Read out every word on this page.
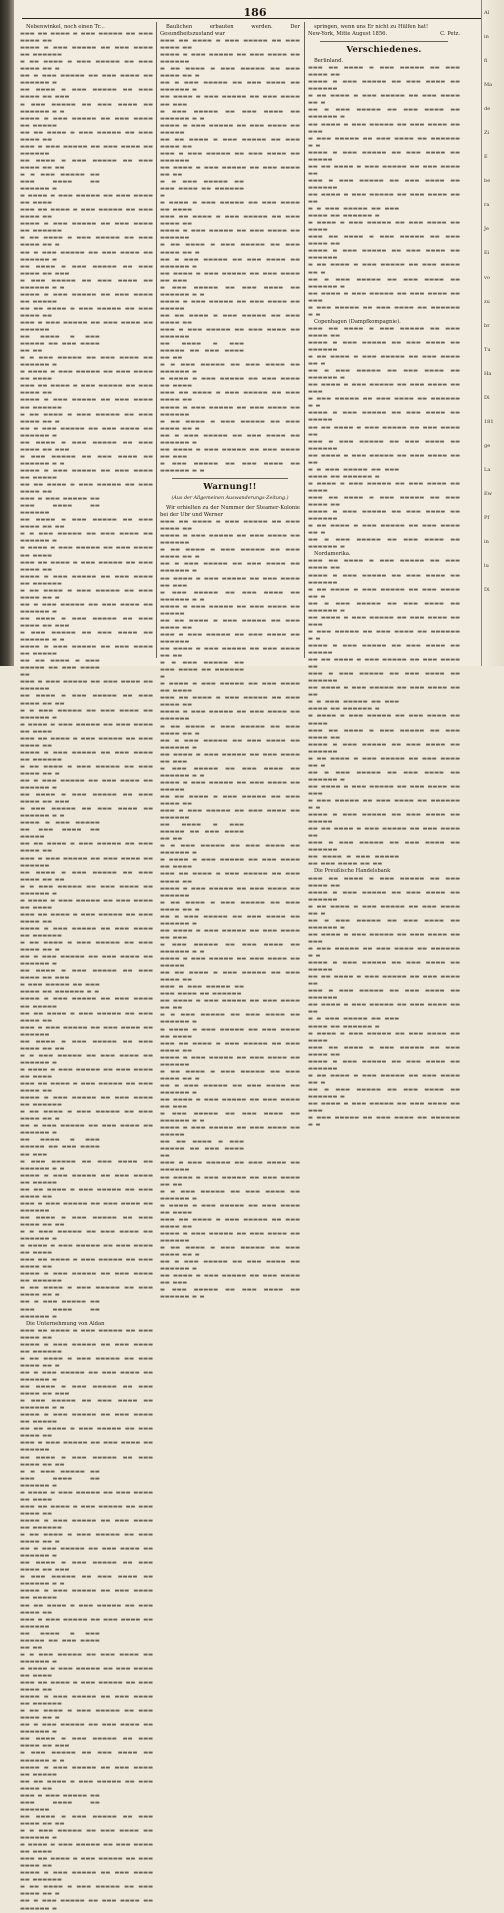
186

Nebenwinkel, noch einen Tr...

▬▬▬ ▬▬ ▬▬▬▬ ▬ ▬▬▬ ▬▬▬▬▬ ▬▬ ▬▬▬ ▬▬▬▬ ▬▬
▬▬▬▬ ▬ ▬▬▬ ▬▬▬▬▬ ▬▬ ▬▬▬ ▬▬▬▬ ▬▬ ▬▬▬▬▬▬
▬ ▬▬ ▬▬▬▬ ▬ ▬▬▬ ▬▬▬▬▬ ▬▬ ▬▬▬ ▬▬▬▬ ▬▬ ▬
▬▬ ▬ ▬▬▬ ▬▬▬▬▬ ▬▬ ▬▬▬ ▬▬▬▬ ▬▬ ▬▬▬▬▬▬ ▬
▬▬ ▬▬▬▬ ▬ ▬▬▬ ▬▬▬▬▬ ▬▬ ▬▬▬ ▬▬▬▬ ▬▬ ▬▬▬
▬ ▬▬▬ ▬▬▬▬▬ ▬▬ ▬▬▬ ▬▬▬▬ ▬▬ ▬▬▬▬▬▬ ▬ ▬
▬▬▬▬ ▬ ▬▬▬ ▬▬▬▬▬ ▬▬ ▬▬▬ ▬▬▬▬ ▬▬ ▬▬▬▬▬
▬▬ ▬▬ ▬▬▬▬ ▬ ▬▬▬ ▬▬▬▬▬ ▬▬ ▬▬▬ ▬▬▬▬ ▬▬
▬▬▬ ▬ ▬▬▬ ▬▬▬▬▬ ▬▬ ▬▬▬ ▬▬▬▬ ▬▬ ▬▬▬▬▬▬
▬▬ ▬▬▬▬ ▬ ▬▬▬ ▬▬▬▬▬ ▬▬ ▬▬▬ ▬▬▬▬ ▬▬ ▬▬
▬ ▬ ▬▬▬ ▬▬▬▬▬ ▬▬ ▬▬▬ ▬▬▬▬ ▬▬ ▬▬▬▬▬▬ ▬
▬ ▬▬▬▬ ▬ ▬▬▬ ▬▬▬▬▬ ▬▬ ▬▬▬ ▬▬▬▬ ▬▬ ▬▬▬▬
▬▬▬ ▬▬ ▬▬▬▬ ▬ ▬▬▬ ▬▬▬▬▬ ▬▬ ▬▬▬ ▬▬▬▬ ▬▬
▬▬▬▬ ▬ ▬▬▬ ▬▬▬▬▬ ▬▬ ▬▬▬ ▬▬▬▬ ▬▬ ▬▬▬▬▬▬
▬ ▬▬ ▬▬▬▬ ▬ ▬▬▬ ▬▬▬▬▬ ▬▬ ▬▬▬ ▬▬▬▬ ▬▬ ▬
▬▬ ▬ ▬▬▬ ▬▬▬▬▬ ▬▬ ▬▬▬ ▬▬▬▬ ▬▬ ▬▬▬▬▬▬ ▬
▬▬ ▬▬▬▬ ▬ ▬▬▬ ▬▬▬▬▬ ▬▬ ▬▬▬ ▬▬▬▬ ▬▬ ▬▬▬
▬ ▬▬▬ ▬▬▬▬▬ ▬▬ ▬▬▬ ▬▬▬▬ ▬▬ ▬▬▬▬▬▬ ▬ ▬
▬▬▬▬ ▬ ▬▬▬ ▬▬▬▬▬ ▬▬ ▬▬▬ ▬▬▬▬ ▬▬ ▬▬▬▬▬
▬▬ ▬▬ ▬▬▬▬ ▬ ▬▬▬ ▬▬▬▬▬ ▬▬ ▬▬▬ ▬▬▬▬ ▬▬
▬▬▬ ▬ ▬▬▬ ▬▬▬▬▬ ▬▬ ▬▬▬ ▬▬▬▬ ▬▬ ▬▬▬▬▬▬
▬▬ ▬▬▬▬ ▬ ▬▬▬ ▬▬▬▬▬ ▬▬ ▬▬▬ ▬▬▬▬ ▬▬ ▬▬
▬ ▬ ▬▬▬ ▬▬▬▬▬ ▬▬ ▬▬▬ ▬▬▬▬ ▬▬ ▬▬▬▬▬▬ ▬
▬ ▬▬▬▬ ▬ ▬▬▬ ▬▬▬▬▬ ▬▬ ▬▬▬ ▬▬▬▬ ▬▬ ▬▬▬▬
▬▬▬ ▬▬ ▬▬▬▬ ▬ ▬▬▬ ▬▬▬▬▬ ▬▬ ▬▬▬ ▬▬▬▬ ▬▬
▬▬▬▬ ▬ ▬▬▬ ▬▬▬▬▬ ▬▬ ▬▬▬ ▬▬▬▬ ▬▬ ▬▬▬▬▬▬
▬ ▬▬ ▬▬▬▬ ▬ ▬▬▬ ▬▬▬▬▬ ▬▬ ▬▬▬ ▬▬▬▬ ▬▬ ▬
▬▬ ▬ ▬▬▬ ▬▬▬▬▬ ▬▬ ▬▬▬ ▬▬▬▬ ▬▬ ▬▬▬▬▬▬ ▬
▬▬ ▬▬▬▬ ▬ ▬▬▬ ▬▬▬▬▬ ▬▬ ▬▬▬ ▬▬▬▬ ▬▬ ▬▬▬
▬ ▬▬▬ ▬▬▬▬▬ ▬▬ ▬▬▬ ▬▬▬▬ ▬▬ ▬▬▬▬▬▬ ▬ ▬
▬▬▬▬ ▬ ▬▬▬ ▬▬▬▬▬ ▬▬ ▬▬▬ ▬▬▬▬ ▬▬ ▬▬▬▬▬
▬▬ ▬▬ ▬▬▬▬ ▬ ▬▬▬ ▬▬▬▬▬ ▬▬ ▬▬▬ ▬▬▬▬ ▬▬
▬▬▬ ▬ ▬▬▬ ▬▬▬▬▬ ▬▬ ▬▬▬ ▬▬▬▬ ▬▬ ▬▬▬▬▬▬
▬▬ ▬▬▬▬ ▬ ▬▬▬ ▬▬▬▬▬ ▬▬ ▬▬▬ ▬▬▬▬ ▬▬ ▬▬
▬ ▬ ▬▬▬ ▬▬▬▬▬ ▬▬ ▬▬▬ ▬▬▬▬ ▬▬ ▬▬▬▬▬▬ ▬
▬ ▬▬▬▬ ▬ ▬▬▬ ▬▬▬▬▬ ▬▬ ▬▬▬ ▬▬▬▬ ▬▬ ▬▬▬▬
▬▬▬ ▬▬ ▬▬▬▬ ▬ ▬▬▬ ▬▬▬▬▬ ▬▬ ▬▬▬ ▬▬▬▬ ▬▬
▬▬▬▬ ▬ ▬▬▬ ▬▬▬▬▬ ▬▬ ▬▬▬ ▬▬▬▬ ▬▬ ▬▬▬▬▬▬
▬ ▬▬ ▬▬▬▬ ▬ ▬▬▬ ▬▬▬▬▬ ▬▬ ▬▬▬ ▬▬▬▬ ▬▬ ▬
▬▬ ▬ ▬▬▬ ▬▬▬▬▬ ▬▬ ▬▬▬ ▬▬▬▬ ▬▬ ▬▬▬▬▬▬ ▬
▬▬ ▬▬▬▬ ▬ ▬▬▬ ▬▬▬▬▬ ▬▬ ▬▬▬ ▬▬▬▬ ▬▬ ▬▬▬
▬ ▬▬▬ ▬▬▬▬▬ ▬▬ ▬▬▬ ▬▬▬▬ ▬▬ ▬▬▬▬▬▬ ▬ ▬
▬▬▬▬ ▬ ▬▬▬ ▬▬▬▬▬ ▬▬ ▬▬▬ ▬▬▬▬ ▬▬ ▬▬▬▬▬
▬▬ ▬▬ ▬▬▬▬ ▬ ▬▬▬ ▬▬▬▬▬ ▬▬ ▬▬▬ ▬▬▬▬ ▬▬
▬▬▬ ▬ ▬▬▬ ▬▬▬▬▬ ▬▬ ▬▬▬ ▬▬▬▬ ▬▬ ▬▬▬▬▬▬
▬▬ ▬▬▬▬ ▬ ▬▬▬ ▬▬▬▬▬ ▬▬ ▬▬▬ ▬▬▬▬ ▬▬ ▬▬
▬ ▬ ▬▬▬ ▬▬▬▬▬ ▬▬ ▬▬▬ ▬▬▬▬ ▬▬ ▬▬▬▬▬▬ ▬
▬ ▬▬▬▬ ▬ ▬▬▬ ▬▬▬▬▬ ▬▬ ▬▬▬ ▬▬▬▬ ▬▬ ▬▬▬▬
▬▬▬ ▬▬ ▬▬▬▬ ▬ ▬▬▬ ▬▬▬▬▬ ▬▬ ▬▬▬ ▬▬▬▬ ▬▬
▬▬▬▬ ▬ ▬▬▬ ▬▬▬▬▬ ▬▬ ▬▬▬ ▬▬▬▬ ▬▬ ▬▬▬▬▬▬
▬ ▬▬ ▬▬▬▬ ▬ ▬▬▬ ▬▬▬▬▬ ▬▬ ▬▬▬ ▬▬▬▬ ▬▬ ▬
▬▬ ▬ ▬▬▬ ▬▬▬▬▬ ▬▬ ▬▬▬ ▬▬▬▬ ▬▬ ▬▬▬▬▬▬ ▬
▬▬ ▬▬▬▬ ▬ ▬▬▬ ▬▬▬▬▬ ▬▬ ▬▬▬ ▬▬▬▬ ▬▬ ▬▬▬
▬ ▬▬▬ ▬▬▬▬▬ ▬▬ ▬▬▬ ▬▬▬▬ ▬▬ ▬▬▬▬▬▬ ▬ ▬
▬▬▬▬ ▬ ▬▬▬ ▬▬▬▬▬ ▬▬ ▬▬▬ ▬▬▬▬ ▬▬ ▬▬▬▬▬
▬▬ ▬▬ ▬▬▬▬ ▬ ▬▬▬ ▬▬▬▬▬ ▬▬ ▬▬▬ ▬▬▬▬ ▬▬
▬▬▬ ▬ ▬▬▬ ▬▬▬▬▬ ▬▬ ▬▬▬ ▬▬▬▬ ▬▬ ▬▬▬▬▬▬
▬▬ ▬▬▬▬ ▬ ▬▬▬ ▬▬▬▬▬ ▬▬ ▬▬▬ ▬▬▬▬ ▬▬ ▬▬
▬ ▬ ▬▬▬ ▬▬▬▬▬ ▬▬ ▬▬▬ ▬▬▬▬ ▬▬ ▬▬▬▬▬▬ ▬
▬ ▬▬▬▬ ▬ ▬▬▬ ▬▬▬▬▬ ▬▬ ▬▬▬ ▬▬▬▬ ▬▬ ▬▬▬▬
▬▬▬ ▬▬ ▬▬▬▬ ▬ ▬▬▬ ▬▬▬▬▬ ▬▬ ▬▬▬ ▬▬▬▬ ▬▬
▬▬▬▬ ▬ ▬▬▬ ▬▬▬▬▬ ▬▬ ▬▬▬ ▬▬▬▬ ▬▬ ▬▬▬▬▬▬
▬ ▬▬ ▬▬▬▬ ▬ ▬▬▬ ▬▬▬▬▬ ▬▬ ▬▬▬ ▬▬▬▬ ▬▬ ▬
▬▬ ▬ ▬▬▬ ▬▬▬▬▬ ▬▬ ▬▬▬ ▬▬▬▬ ▬▬ ▬▬▬▬▬▬ ▬
▬▬ ▬▬▬▬ ▬ ▬▬▬ ▬▬▬▬▬ ▬▬ ▬▬▬ ▬▬▬▬ ▬▬ ▬▬▬
▬ ▬▬▬ ▬▬▬▬▬ ▬▬ ▬▬▬ ▬▬▬▬ ▬▬ ▬▬▬▬▬▬ ▬ ▬
▬▬▬▬ ▬ ▬▬▬ ▬▬▬▬▬ ▬▬ ▬▬▬ ▬▬▬▬ ▬▬ ▬▬▬▬▬
▬▬ ▬▬ ▬▬▬▬ ▬ ▬▬▬ ▬▬▬▬▬ ▬▬ ▬▬▬ ▬▬▬▬ ▬▬
▬▬▬ ▬ ▬▬▬ ▬▬▬▬▬ ▬▬ ▬▬▬ ▬▬▬▬ ▬▬ ▬▬▬▬▬▬
▬▬ ▬▬▬▬ ▬ ▬▬▬ ▬▬▬▬▬ ▬▬ ▬▬▬ ▬▬▬▬ ▬▬ ▬▬
▬ ▬ ▬▬▬ ▬▬▬▬▬ ▬▬ ▬▬▬ ▬▬▬▬ ▬▬ ▬▬▬▬▬▬ ▬
▬ ▬▬▬▬ ▬ ▬▬▬ ▬▬▬▬▬ ▬▬ ▬▬▬ ▬▬▬▬ ▬▬ ▬▬▬▬
▬▬▬ ▬▬ ▬▬▬▬ ▬ ▬▬▬ ▬▬▬▬▬ ▬▬ ▬▬▬ ▬▬▬▬ ▬▬
▬▬▬▬ ▬ ▬▬▬ ▬▬▬▬▬ ▬▬ ▬▬▬ ▬▬▬▬ ▬▬ ▬▬▬▬▬▬
▬ ▬▬ ▬▬▬▬ ▬ ▬▬▬ ▬▬▬▬▬ ▬▬ ▬▬▬ ▬▬▬▬ ▬▬ ▬
▬▬ ▬ ▬▬▬ ▬▬▬▬▬ ▬▬ ▬▬▬ ▬▬▬▬ ▬▬ ▬▬▬▬▬▬ ▬
▬▬ ▬▬▬▬ ▬ ▬▬▬ ▬▬▬▬▬ ▬▬ ▬▬▬ ▬▬▬▬ ▬▬ ▬▬▬
▬ ▬▬▬ ▬▬▬▬▬ ▬▬ ▬▬▬ ▬▬▬▬ ▬▬ ▬▬▬▬▬▬ ▬ ▬
▬▬▬▬ ▬ ▬▬▬ ▬▬▬▬▬ ▬▬ ▬▬▬ ▬▬▬▬ ▬▬ ▬▬▬▬▬
▬▬ ▬▬ ▬▬▬▬ ▬ ▬▬▬ ▬▬▬▬▬ ▬▬ ▬▬▬ ▬▬▬▬ ▬▬
▬▬▬ ▬ ▬▬▬ ▬▬▬▬▬ ▬▬ ▬▬▬ ▬▬▬▬ ▬▬ ▬▬▬▬▬▬
▬▬ ▬▬▬▬ ▬ ▬▬▬ ▬▬▬▬▬ ▬▬ ▬▬▬ ▬▬▬▬ ▬▬ ▬▬
▬ ▬ ▬▬▬ ▬▬▬▬▬ ▬▬ ▬▬▬ ▬▬▬▬ ▬▬ ▬▬▬▬▬▬ ▬
▬ ▬▬▬▬ ▬ ▬▬▬ ▬▬▬▬▬ ▬▬ ▬▬▬ ▬▬▬▬ ▬▬ ▬▬▬▬
▬▬▬ ▬▬ ▬▬▬▬ ▬ ▬▬▬ ▬▬▬▬▬ ▬▬ ▬▬▬ ▬▬▬▬ ▬▬
▬▬▬▬ ▬ ▬▬▬ ▬▬▬▬▬ ▬▬ ▬▬▬ ▬▬▬▬ ▬▬ ▬▬▬▬▬▬
▬ ▬▬ ▬▬▬▬ ▬ ▬▬▬ ▬▬▬▬▬ ▬▬ ▬▬▬ ▬▬▬▬ ▬▬ ▬
▬▬ ▬ ▬▬▬ ▬▬▬▬▬ ▬▬ ▬▬▬ ▬▬▬▬ ▬▬ ▬▬▬▬▬▬ ▬

Die Unternehmung von Aldan

▬▬▬ ▬▬ ▬▬▬▬ ▬ ▬▬▬ ▬▬▬▬▬ ▬▬ ▬▬▬ ▬▬▬▬ ▬▬
▬▬▬▬ ▬ ▬▬▬ ▬▬▬▬▬ ▬▬ ▬▬▬ ▬▬▬▬ ▬▬ ▬▬▬▬▬▬
▬ ▬▬ ▬▬▬▬ ▬ ▬▬▬ ▬▬▬▬▬ ▬▬ ▬▬▬ ▬▬▬▬ ▬▬ ▬
▬▬ ▬ ▬▬▬ ▬▬▬▬▬ ▬▬ ▬▬▬ ▬▬▬▬ ▬▬ ▬▬▬▬▬▬ ▬
▬▬ ▬▬▬▬ ▬ ▬▬▬ ▬▬▬▬▬ ▬▬ ▬▬▬ ▬▬▬▬ ▬▬ ▬▬▬
▬ ▬▬▬ ▬▬▬▬▬ ▬▬ ▬▬▬ ▬▬▬▬ ▬▬ ▬▬▬▬▬▬ ▬ ▬
▬▬▬▬ ▬ ▬▬▬ ▬▬▬▬▬ ▬▬ ▬▬▬ ▬▬▬▬ ▬▬ ▬▬▬▬▬
▬▬ ▬▬ ▬▬▬▬ ▬ ▬▬▬ ▬▬▬▬▬ ▬▬ ▬▬▬ ▬▬▬▬ ▬▬
▬▬▬ ▬ ▬▬▬ ▬▬▬▬▬ ▬▬ ▬▬▬ ▬▬▬▬ ▬▬ ▬▬▬▬▬▬
▬▬ ▬▬▬▬ ▬ ▬▬▬ ▬▬▬▬▬ ▬▬ ▬▬▬ ▬▬▬▬ ▬▬ ▬▬
▬ ▬ ▬▬▬ ▬▬▬▬▬ ▬▬ ▬▬▬ ▬▬▬▬ ▬▬ ▬▬▬▬▬▬ ▬
▬ ▬▬▬▬ ▬ ▬▬▬ ▬▬▬▬▬ ▬▬ ▬▬▬ ▬▬▬▬ ▬▬ ▬▬▬▬
▬▬▬ ▬▬ ▬▬▬▬ ▬ ▬▬▬ ▬▬▬▬▬ ▬▬ ▬▬▬ ▬▬▬▬ ▬▬
▬▬▬▬ ▬ ▬▬▬ ▬▬▬▬▬ ▬▬ ▬▬▬ ▬▬▬▬ ▬▬ ▬▬▬▬▬▬
▬ ▬▬ ▬▬▬▬ ▬ ▬▬▬ ▬▬▬▬▬ ▬▬ ▬▬▬ ▬▬▬▬ ▬▬ ▬
▬▬ ▬ ▬▬▬ ▬▬▬▬▬ ▬▬ ▬▬▬ ▬▬▬▬ ▬▬ ▬▬▬▬▬▬ ▬
▬▬ ▬▬▬▬ ▬ ▬▬▬ ▬▬▬▬▬ ▬▬ ▬▬▬ ▬▬▬▬ ▬▬ ▬▬▬
▬ ▬▬▬ ▬▬▬▬▬ ▬▬ ▬▬▬ ▬▬▬▬ ▬▬ ▬▬▬▬▬▬ ▬ ▬
▬▬▬▬ ▬ ▬▬▬ ▬▬▬▬▬ ▬▬ ▬▬▬ ▬▬▬▬ ▬▬ ▬▬▬▬▬
▬▬ ▬▬ ▬▬▬▬ ▬ ▬▬▬ ▬▬▬▬▬ ▬▬ ▬▬▬ ▬▬▬▬ ▬▬
▬▬▬ ▬ ▬▬▬ ▬▬▬▬▬ ▬▬ ▬▬▬ ▬▬▬▬ ▬▬ ▬▬▬▬▬▬
▬▬ ▬▬▬▬ ▬ ▬▬▬ ▬▬▬▬▬ ▬▬ ▬▬▬ ▬▬▬▬ ▬▬ ▬▬
▬ ▬ ▬▬▬ ▬▬▬▬▬ ▬▬ ▬▬▬ ▬▬▬▬ ▬▬ ▬▬▬▬▬▬ ▬
▬ ▬▬▬▬ ▬ ▬▬▬ ▬▬▬▬▬ ▬▬ ▬▬▬ ▬▬▬▬ ▬▬ ▬▬▬▬
▬▬▬ ▬▬ ▬▬▬▬ ▬ ▬▬▬ ▬▬▬▬▬ ▬▬ ▬▬▬ ▬▬▬▬ ▬▬
▬▬▬▬ ▬ ▬▬▬ ▬▬▬▬▬ ▬▬ ▬▬▬ ▬▬▬▬ ▬▬ ▬▬▬▬▬▬
▬ ▬▬ ▬▬▬▬ ▬ ▬▬▬ ▬▬▬▬▬ ▬▬ ▬▬▬ ▬▬▬▬ ▬▬ ▬
▬▬ ▬ ▬▬▬ ▬▬▬▬▬ ▬▬ ▬▬▬ ▬▬▬▬ ▬▬ ▬▬▬▬▬▬ ▬
▬▬ ▬▬▬▬ ▬ ▬▬▬ ▬▬▬▬▬ ▬▬ ▬▬▬ ▬▬▬▬ ▬▬ ▬▬▬
▬ ▬▬▬ ▬▬▬▬▬ ▬▬ ▬▬▬ ▬▬▬▬ ▬▬ ▬▬▬▬▬▬ ▬ ▬
▬▬▬▬ ▬ ▬▬▬ ▬▬▬▬▬ ▬▬ ▬▬▬ ▬▬▬▬ ▬▬ ▬▬▬▬▬
▬▬ ▬▬ ▬▬▬▬ ▬ ▬▬▬ ▬▬▬▬▬ ▬▬ ▬▬▬ ▬▬▬▬ ▬▬
▬▬▬ ▬ ▬▬▬ ▬▬▬▬▬ ▬▬ ▬▬▬ ▬▬▬▬ ▬▬ ▬▬▬▬▬▬
▬▬ ▬▬▬▬ ▬ ▬▬▬ ▬▬▬▬▬ ▬▬ ▬▬▬ ▬▬▬▬ ▬▬ ▬▬
▬ ▬ ▬▬▬ ▬▬▬▬▬ ▬▬ ▬▬▬ ▬▬▬▬ ▬▬ ▬▬▬▬▬▬ ▬
▬ ▬▬▬▬ ▬ ▬▬▬ ▬▬▬▬▬ ▬▬ ▬▬▬ ▬▬▬▬ ▬▬ ▬▬▬▬
▬▬▬ ▬▬ ▬▬▬▬ ▬ ▬▬▬ ▬▬▬▬▬ ▬▬ ▬▬▬ ▬▬▬▬ ▬▬
▬▬▬▬ ▬ ▬▬▬ ▬▬▬▬▬ ▬▬ ▬▬▬ ▬▬▬▬ ▬▬ ▬▬▬▬▬▬
▬ ▬▬ ▬▬▬▬ ▬ ▬▬▬ ▬▬▬▬▬ ▬▬ ▬▬▬ ▬▬▬▬ ▬▬ ▬
▬▬ ▬ ▬▬▬ ▬▬▬▬▬ ▬▬ ▬▬▬ ▬▬▬▬ ▬▬ ▬▬▬▬▬▬ ▬

Baulichen erbauten werden. Der Gesundheitszustand war

▬▬▬ ▬▬ ▬▬▬▬ ▬ ▬▬▬ ▬▬▬▬▬ ▬▬ ▬▬▬ ▬▬▬▬ ▬▬
▬▬▬▬ ▬ ▬▬▬ ▬▬▬▬▬ ▬▬ ▬▬▬ ▬▬▬▬ ▬▬ ▬▬▬▬▬▬
▬ ▬▬ ▬▬▬▬ ▬ ▬▬▬ ▬▬▬▬▬ ▬▬ ▬▬▬ ▬▬▬▬ ▬▬ ▬
▬▬ ▬ ▬▬▬ ▬▬▬▬▬ ▬▬ ▬▬▬ ▬▬▬▬ ▬▬ ▬▬▬▬▬▬ ▬
▬▬ ▬▬▬▬ ▬ ▬▬▬ ▬▬▬▬▬ ▬▬ ▬▬▬ ▬▬▬▬ ▬▬ ▬▬▬
▬ ▬▬▬ ▬▬▬▬▬ ▬▬ ▬▬▬ ▬▬▬▬ ▬▬ ▬▬▬▬▬▬ ▬ ▬
▬▬▬▬ ▬ ▬▬▬ ▬▬▬▬▬ ▬▬ ▬▬▬ ▬▬▬▬ ▬▬ ▬▬▬▬▬
▬▬ ▬▬ ▬▬▬▬ ▬ ▬▬▬ ▬▬▬▬▬ ▬▬ ▬▬▬ ▬▬▬▬ ▬▬
▬▬▬ ▬ ▬▬▬ ▬▬▬▬▬ ▬▬ ▬▬▬ ▬▬▬▬ ▬▬ ▬▬▬▬▬▬
▬▬ ▬▬▬▬ ▬ ▬▬▬ ▬▬▬▬▬ ▬▬ ▬▬▬ ▬▬▬▬ ▬▬ ▬▬
▬ ▬ ▬▬▬ ▬▬▬▬▬ ▬▬ ▬▬▬ ▬▬▬▬ ▬▬ ▬▬▬▬▬▬ ▬
▬ ▬▬▬▬ ▬ ▬▬▬ ▬▬▬▬▬ ▬▬ ▬▬▬ ▬▬▬▬ ▬▬ ▬▬▬▬
▬▬▬ ▬▬ ▬▬▬▬ ▬ ▬▬▬ ▬▬▬▬▬ ▬▬ ▬▬▬ ▬▬▬▬ ▬▬
▬▬▬▬ ▬ ▬▬▬ ▬▬▬▬▬ ▬▬ ▬▬▬ ▬▬▬▬ ▬▬ ▬▬▬▬▬▬
▬ ▬▬ ▬▬▬▬ ▬ ▬▬▬ ▬▬▬▬▬ ▬▬ ▬▬▬ ▬▬▬▬ ▬▬ ▬
▬▬ ▬ ▬▬▬ ▬▬▬▬▬ ▬▬ ▬▬▬ ▬▬▬▬ ▬▬ ▬▬▬▬▬▬ ▬
▬▬ ▬▬▬▬ ▬ ▬▬▬ ▬▬▬▬▬ ▬▬ ▬▬▬ ▬▬▬▬ ▬▬ ▬▬▬
▬ ▬▬▬ ▬▬▬▬▬ ▬▬ ▬▬▬ ▬▬▬▬ ▬▬ ▬▬▬▬▬▬ ▬ ▬
▬▬▬▬ ▬ ▬▬▬ ▬▬▬▬▬ ▬▬ ▬▬▬ ▬▬▬▬ ▬▬ ▬▬▬▬▬
▬▬ ▬▬ ▬▬▬▬ ▬ ▬▬▬ ▬▬▬▬▬ ▬▬ ▬▬▬ ▬▬▬▬ ▬▬
▬▬▬ ▬ ▬▬▬ ▬▬▬▬▬ ▬▬ ▬▬▬ ▬▬▬▬ ▬▬ ▬▬▬▬▬▬
▬▬ ▬▬▬▬ ▬ ▬▬▬ ▬▬▬▬▬ ▬▬ ▬▬▬ ▬▬▬▬ ▬▬ ▬▬
▬ ▬ ▬▬▬ ▬▬▬▬▬ ▬▬ ▬▬▬ ▬▬▬▬ ▬▬ ▬▬▬▬▬▬ ▬
▬ ▬▬▬▬ ▬ ▬▬▬ ▬▬▬▬▬ ▬▬ ▬▬▬ ▬▬▬▬ ▬▬ ▬▬▬▬
▬▬▬ ▬▬ ▬▬▬▬ ▬ ▬▬▬ ▬▬▬▬▬ ▬▬ ▬▬▬ ▬▬▬▬ ▬▬
▬▬▬▬ ▬ ▬▬▬ ▬▬▬▬▬ ▬▬ ▬▬▬ ▬▬▬▬ ▬▬ ▬▬▬▬▬▬
▬ ▬▬ ▬▬▬▬ ▬ ▬▬▬ ▬▬▬▬▬ ▬▬ ▬▬▬ ▬▬▬▬ ▬▬ ▬
▬▬ ▬ ▬▬▬ ▬▬▬▬▬ ▬▬ ▬▬▬ ▬▬▬▬ ▬▬ ▬▬▬▬▬▬ ▬
▬▬ ▬▬▬▬ ▬ ▬▬▬ ▬▬▬▬▬ ▬▬ ▬▬▬ ▬▬▬▬ ▬▬ ▬▬▬
▬ ▬▬▬ ▬▬▬▬▬ ▬▬ ▬▬▬ ▬▬▬▬ ▬▬ ▬▬▬▬▬▬ ▬ ▬
Warnung!!
(Aus der Allgemeinen Auswanderungs-Zeitung.)

Wir erhielten zu der Nummer der Steamer-Kolonie bei der Ubr und Werner

▬▬▬ ▬▬ ▬▬▬▬ ▬ ▬▬▬ ▬▬▬▬▬ ▬▬ ▬▬▬ ▬▬▬▬ ▬▬
▬▬▬▬ ▬ ▬▬▬ ▬▬▬▬▬ ▬▬ ▬▬▬ ▬▬▬▬ ▬▬ ▬▬▬▬▬▬
▬ ▬▬ ▬▬▬▬ ▬ ▬▬▬ ▬▬▬▬▬ ▬▬ ▬▬▬ ▬▬▬▬ ▬▬ ▬
▬▬ ▬ ▬▬▬ ▬▬▬▬▬ ▬▬ ▬▬▬ ▬▬▬▬ ▬▬ ▬▬▬▬▬▬ ▬
▬▬ ▬▬▬▬ ▬ ▬▬▬ ▬▬▬▬▬ ▬▬ ▬▬▬ ▬▬▬▬ ▬▬ ▬▬▬
▬ ▬▬▬ ▬▬▬▬▬ ▬▬ ▬▬▬ ▬▬▬▬ ▬▬ ▬▬▬▬▬▬ ▬ ▬
▬▬▬▬ ▬ ▬▬▬ ▬▬▬▬▬ ▬▬ ▬▬▬ ▬▬▬▬ ▬▬ ▬▬▬▬▬
▬▬ ▬▬ ▬▬▬▬ ▬ ▬▬▬ ▬▬▬▬▬ ▬▬ ▬▬▬ ▬▬▬▬ ▬▬
▬▬▬ ▬ ▬▬▬ ▬▬▬▬▬ ▬▬ ▬▬▬ ▬▬▬▬ ▬▬ ▬▬▬▬▬▬
▬▬ ▬▬▬▬ ▬ ▬▬▬ ▬▬▬▬▬ ▬▬ ▬▬▬ ▬▬▬▬ ▬▬ ▬▬
▬ ▬ ▬▬▬ ▬▬▬▬▬ ▬▬ ▬▬▬ ▬▬▬▬ ▬▬ ▬▬▬▬▬▬ ▬
▬ ▬▬▬▬ ▬ ▬▬▬ ▬▬▬▬▬ ▬▬ ▬▬▬ ▬▬▬▬ ▬▬ ▬▬▬▬
▬▬▬ ▬▬ ▬▬▬▬ ▬ ▬▬▬ ▬▬▬▬▬ ▬▬ ▬▬▬ ▬▬▬▬ ▬▬
▬▬▬▬ ▬ ▬▬▬ ▬▬▬▬▬ ▬▬ ▬▬▬ ▬▬▬▬ ▬▬ ▬▬▬▬▬▬
▬ ▬▬ ▬▬▬▬ ▬ ▬▬▬ ▬▬▬▬▬ ▬▬ ▬▬▬ ▬▬▬▬ ▬▬ ▬
▬▬ ▬ ▬▬▬ ▬▬▬▬▬ ▬▬ ▬▬▬ ▬▬▬▬ ▬▬ ▬▬▬▬▬▬ ▬
▬▬ ▬▬▬▬ ▬ ▬▬▬ ▬▬▬▬▬ ▬▬ ▬▬▬ ▬▬▬▬ ▬▬ ▬▬▬
▬ ▬▬▬ ▬▬▬▬▬ ▬▬ ▬▬▬ ▬▬▬▬ ▬▬ ▬▬▬▬▬▬ ▬ ▬
▬▬▬▬ ▬ ▬▬▬ ▬▬▬▬▬ ▬▬ ▬▬▬ ▬▬▬▬ ▬▬ ▬▬▬▬▬
▬▬ ▬▬ ▬▬▬▬ ▬ ▬▬▬ ▬▬▬▬▬ ▬▬ ▬▬▬ ▬▬▬▬ ▬▬
▬▬▬ ▬ ▬▬▬ ▬▬▬▬▬ ▬▬ ▬▬▬ ▬▬▬▬ ▬▬ ▬▬▬▬▬▬
▬▬ ▬▬▬▬ ▬ ▬▬▬ ▬▬▬▬▬ ▬▬ ▬▬▬ ▬▬▬▬ ▬▬ ▬▬
▬ ▬ ▬▬▬ ▬▬▬▬▬ ▬▬ ▬▬▬ ▬▬▬▬ ▬▬ ▬▬▬▬▬▬ ▬
▬ ▬▬▬▬ ▬ ▬▬▬ ▬▬▬▬▬ ▬▬ ▬▬▬ ▬▬▬▬ ▬▬ ▬▬▬▬
▬▬▬ ▬▬ ▬▬▬▬ ▬ ▬▬▬ ▬▬▬▬▬ ▬▬ ▬▬▬ ▬▬▬▬ ▬▬
▬▬▬▬ ▬ ▬▬▬ ▬▬▬▬▬ ▬▬ ▬▬▬ ▬▬▬▬ ▬▬ ▬▬▬▬▬▬
▬ ▬▬ ▬▬▬▬ ▬ ▬▬▬ ▬▬▬▬▬ ▬▬ ▬▬▬ ▬▬▬▬ ▬▬ ▬
▬▬ ▬ ▬▬▬ ▬▬▬▬▬ ▬▬ ▬▬▬ ▬▬▬▬ ▬▬ ▬▬▬▬▬▬ ▬
▬▬ ▬▬▬▬ ▬ ▬▬▬ ▬▬▬▬▬ ▬▬ ▬▬▬ ▬▬▬▬ ▬▬ ▬▬▬
▬ ▬▬▬ ▬▬▬▬▬ ▬▬ ▬▬▬ ▬▬▬▬ ▬▬ ▬▬▬▬▬▬ ▬ ▬
▬▬▬▬ ▬ ▬▬▬ ▬▬▬▬▬ ▬▬ ▬▬▬ ▬▬▬▬ ▬▬ ▬▬▬▬▬
▬▬ ▬▬ ▬▬▬▬ ▬ ▬▬▬ ▬▬▬▬▬ ▬▬ ▬▬▬ ▬▬▬▬ ▬▬
▬▬▬ ▬ ▬▬▬ ▬▬▬▬▬ ▬▬ ▬▬▬ ▬▬▬▬ ▬▬ ▬▬▬▬▬▬
▬▬ ▬▬▬▬ ▬ ▬▬▬ ▬▬▬▬▬ ▬▬ ▬▬▬ ▬▬▬▬ ▬▬ ▬▬
▬ ▬ ▬▬▬ ▬▬▬▬▬ ▬▬ ▬▬▬ ▬▬▬▬ ▬▬ ▬▬▬▬▬▬ ▬
▬ ▬▬▬▬ ▬ ▬▬▬ ▬▬▬▬▬ ▬▬ ▬▬▬ ▬▬▬▬ ▬▬ ▬▬▬▬
▬▬▬ ▬▬ ▬▬▬▬ ▬ ▬▬▬ ▬▬▬▬▬ ▬▬ ▬▬▬ ▬▬▬▬ ▬▬
▬▬▬▬ ▬ ▬▬▬ ▬▬▬▬▬ ▬▬ ▬▬▬ ▬▬▬▬ ▬▬ ▬▬▬▬▬▬
▬ ▬▬ ▬▬▬▬ ▬ ▬▬▬ ▬▬▬▬▬ ▬▬ ▬▬▬ ▬▬▬▬ ▬▬ ▬
▬▬ ▬ ▬▬▬ ▬▬▬▬▬ ▬▬ ▬▬▬ ▬▬▬▬ ▬▬ ▬▬▬▬▬▬ ▬
▬▬ ▬▬▬▬ ▬ ▬▬▬ ▬▬▬▬▬ ▬▬ ▬▬▬ ▬▬▬▬ ▬▬ ▬▬▬
▬ ▬▬▬ ▬▬▬▬▬ ▬▬ ▬▬▬ ▬▬▬▬ ▬▬ ▬▬▬▬▬▬ ▬ ▬
▬▬▬▬ ▬ ▬▬▬ ▬▬▬▬▬ ▬▬ ▬▬▬ ▬▬▬▬ ▬▬ ▬▬▬▬▬
▬▬ ▬▬ ▬▬▬▬ ▬ ▬▬▬ ▬▬▬▬▬ ▬▬ ▬▬▬ ▬▬▬▬ ▬▬
▬▬▬ ▬ ▬▬▬ ▬▬▬▬▬ ▬▬ ▬▬▬ ▬▬▬▬ ▬▬ ▬▬▬▬▬▬
▬▬ ▬▬▬▬ ▬ ▬▬▬ ▬▬▬▬▬ ▬▬ ▬▬▬ ▬▬▬▬ ▬▬ ▬▬
▬ ▬ ▬▬▬ ▬▬▬▬▬ ▬▬ ▬▬▬ ▬▬▬▬ ▬▬ ▬▬▬▬▬▬ ▬
▬ ▬▬▬▬ ▬ ▬▬▬ ▬▬▬▬▬ ▬▬ ▬▬▬ ▬▬▬▬ ▬▬ ▬▬▬▬
▬▬▬ ▬▬ ▬▬▬▬ ▬ ▬▬▬ ▬▬▬▬▬ ▬▬ ▬▬▬ ▬▬▬▬ ▬▬
▬▬▬▬ ▬ ▬▬▬ ▬▬▬▬▬ ▬▬ ▬▬▬ ▬▬▬▬ ▬▬ ▬▬▬▬▬▬
▬ ▬▬ ▬▬▬▬ ▬ ▬▬▬ ▬▬▬▬▬ ▬▬ ▬▬▬ ▬▬▬▬ ▬▬ ▬
▬▬ ▬ ▬▬▬ ▬▬▬▬▬ ▬▬ ▬▬▬ ▬▬▬▬ ▬▬ ▬▬▬▬▬▬ ▬
▬▬ ▬▬▬▬ ▬ ▬▬▬ ▬▬▬▬▬ ▬▬ ▬▬▬ ▬▬▬▬ ▬▬ ▬▬▬
▬ ▬▬▬ ▬▬▬▬▬ ▬▬ ▬▬▬ ▬▬▬▬ ▬▬ ▬▬▬▬▬▬ ▬ ▬

springen, wenn uns Er nicht zu Hülfen hat!

New-York, Mitte August 1856.	C. Petz.
Verschiedenes.

Berlinland.

▬▬▬ ▬▬ ▬▬▬▬ ▬ ▬▬▬ ▬▬▬▬▬ ▬▬ ▬▬▬ ▬▬▬▬ ▬▬
▬▬▬▬ ▬ ▬▬▬ ▬▬▬▬▬ ▬▬ ▬▬▬ ▬▬▬▬ ▬▬ ▬▬▬▬▬▬
▬ ▬▬ ▬▬▬▬ ▬ ▬▬▬ ▬▬▬▬▬ ▬▬ ▬▬▬ ▬▬▬▬ ▬▬ ▬
▬▬ ▬ ▬▬▬ ▬▬▬▬▬ ▬▬ ▬▬▬ ▬▬▬▬ ▬▬ ▬▬▬▬▬▬ ▬
▬▬ ▬▬▬▬ ▬ ▬▬▬ ▬▬▬▬▬ ▬▬ ▬▬▬ ▬▬▬▬ ▬▬ ▬▬▬
▬ ▬▬▬ ▬▬▬▬▬ ▬▬ ▬▬▬ ▬▬▬▬ ▬▬ ▬▬▬▬▬▬ ▬ ▬
▬▬▬▬ ▬ ▬▬▬ ▬▬▬▬▬ ▬▬ ▬▬▬ ▬▬▬▬ ▬▬ ▬▬▬▬▬
▬▬ ▬▬ ▬▬▬▬ ▬ ▬▬▬ ▬▬▬▬▬ ▬▬ ▬▬▬ ▬▬▬▬ ▬▬
▬▬▬ ▬ ▬▬▬ ▬▬▬▬▬ ▬▬ ▬▬▬ ▬▬▬▬ ▬▬ ▬▬▬▬▬▬
▬▬ ▬▬▬▬ ▬ ▬▬▬ ▬▬▬▬▬ ▬▬ ▬▬▬ ▬▬▬▬ ▬▬ ▬▬
▬ ▬ ▬▬▬ ▬▬▬▬▬ ▬▬ ▬▬▬ ▬▬▬▬ ▬▬ ▬▬▬▬▬▬ ▬
▬ ▬▬▬▬ ▬ ▬▬▬ ▬▬▬▬▬ ▬▬ ▬▬▬ ▬▬▬▬ ▬▬ ▬▬▬▬
▬▬▬ ▬▬ ▬▬▬▬ ▬ ▬▬▬ ▬▬▬▬▬ ▬▬ ▬▬▬ ▬▬▬▬ ▬▬
▬▬▬▬ ▬ ▬▬▬ ▬▬▬▬▬ ▬▬ ▬▬▬ ▬▬▬▬ ▬▬ ▬▬▬▬▬▬
▬ ▬▬ ▬▬▬▬ ▬ ▬▬▬ ▬▬▬▬▬ ▬▬ ▬▬▬ ▬▬▬▬ ▬▬ ▬
▬▬ ▬ ▬▬▬ ▬▬▬▬▬ ▬▬ ▬▬▬ ▬▬▬▬ ▬▬ ▬▬▬▬▬▬ ▬
▬▬ ▬▬▬▬ ▬ ▬▬▬ ▬▬▬▬▬ ▬▬ ▬▬▬ ▬▬▬▬ ▬▬ ▬▬▬
▬ ▬▬▬ ▬▬▬▬▬ ▬▬ ▬▬▬ ▬▬▬▬ ▬▬ ▬▬▬▬▬▬ ▬ ▬

Copenhagen (Dampfkompagnie).

▬▬▬ ▬▬ ▬▬▬▬ ▬ ▬▬▬ ▬▬▬▬▬ ▬▬ ▬▬▬ ▬▬▬▬ ▬▬
▬▬▬▬ ▬ ▬▬▬ ▬▬▬▬▬ ▬▬ ▬▬▬ ▬▬▬▬ ▬▬ ▬▬▬▬▬▬
▬ ▬▬ ▬▬▬▬ ▬ ▬▬▬ ▬▬▬▬▬ ▬▬ ▬▬▬ ▬▬▬▬ ▬▬ ▬
▬▬ ▬ ▬▬▬ ▬▬▬▬▬ ▬▬ ▬▬▬ ▬▬▬▬ ▬▬ ▬▬▬▬▬▬ ▬
▬▬ ▬▬▬▬ ▬ ▬▬▬ ▬▬▬▬▬ ▬▬ ▬▬▬ ▬▬▬▬ ▬▬ ▬▬▬
▬ ▬▬▬ ▬▬▬▬▬ ▬▬ ▬▬▬ ▬▬▬▬ ▬▬ ▬▬▬▬▬▬ ▬ ▬
▬▬▬▬ ▬ ▬▬▬ ▬▬▬▬▬ ▬▬ ▬▬▬ ▬▬▬▬ ▬▬ ▬▬▬▬▬
▬▬ ▬▬ ▬▬▬▬ ▬ ▬▬▬ ▬▬▬▬▬ ▬▬ ▬▬▬ ▬▬▬▬ ▬▬
▬▬▬ ▬ ▬▬▬ ▬▬▬▬▬ ▬▬ ▬▬▬ ▬▬▬▬ ▬▬ ▬▬▬▬▬▬
▬▬ ▬▬▬▬ ▬ ▬▬▬ ▬▬▬▬▬ ▬▬ ▬▬▬ ▬▬▬▬ ▬▬ ▬▬
▬ ▬ ▬▬▬ ▬▬▬▬▬ ▬▬ ▬▬▬ ▬▬▬▬ ▬▬ ▬▬▬▬▬▬ ▬
▬ ▬▬▬▬ ▬ ▬▬▬ ▬▬▬▬▬ ▬▬ ▬▬▬ ▬▬▬▬ ▬▬ ▬▬▬▬
▬▬▬ ▬▬ ▬▬▬▬ ▬ ▬▬▬ ▬▬▬▬▬ ▬▬ ▬▬▬ ▬▬▬▬ ▬▬
▬▬▬▬ ▬ ▬▬▬ ▬▬▬▬▬ ▬▬ ▬▬▬ ▬▬▬▬ ▬▬ ▬▬▬▬▬▬
▬ ▬▬ ▬▬▬▬ ▬ ▬▬▬ ▬▬▬▬▬ ▬▬ ▬▬▬ ▬▬▬▬ ▬▬ ▬
▬▬ ▬ ▬▬▬ ▬▬▬▬▬ ▬▬ ▬▬▬ ▬▬▬▬ ▬▬ ▬▬▬▬▬▬ ▬

Nordamerika.

▬▬▬ ▬▬ ▬▬▬▬ ▬ ▬▬▬ ▬▬▬▬▬ ▬▬ ▬▬▬ ▬▬▬▬ ▬▬
▬▬▬▬ ▬ ▬▬▬ ▬▬▬▬▬ ▬▬ ▬▬▬ ▬▬▬▬ ▬▬ ▬▬▬▬▬▬
▬ ▬▬ ▬▬▬▬ ▬ ▬▬▬ ▬▬▬▬▬ ▬▬ ▬▬▬ ▬▬▬▬ ▬▬ ▬
▬▬ ▬ ▬▬▬ ▬▬▬▬▬ ▬▬ ▬▬▬ ▬▬▬▬ ▬▬ ▬▬▬▬▬▬ ▬
▬▬ ▬▬▬▬ ▬ ▬▬▬ ▬▬▬▬▬ ▬▬ ▬▬▬ ▬▬▬▬ ▬▬ ▬▬▬
▬ ▬▬▬ ▬▬▬▬▬ ▬▬ ▬▬▬ ▬▬▬▬ ▬▬ ▬▬▬▬▬▬ ▬ ▬
▬▬▬▬ ▬ ▬▬▬ ▬▬▬▬▬ ▬▬ ▬▬▬ ▬▬▬▬ ▬▬ ▬▬▬▬▬
▬▬ ▬▬ ▬▬▬▬ ▬ ▬▬▬ ▬▬▬▬▬ ▬▬ ▬▬▬ ▬▬▬▬ ▬▬
▬▬▬ ▬ ▬▬▬ ▬▬▬▬▬ ▬▬ ▬▬▬ ▬▬▬▬ ▬▬ ▬▬▬▬▬▬
▬▬ ▬▬▬▬ ▬ ▬▬▬ ▬▬▬▬▬ ▬▬ ▬▬▬ ▬▬▬▬ ▬▬ ▬▬
▬ ▬ ▬▬▬ ▬▬▬▬▬ ▬▬ ▬▬▬ ▬▬▬▬ ▬▬ ▬▬▬▬▬▬ ▬
▬ ▬▬▬▬ ▬ ▬▬▬ ▬▬▬▬▬ ▬▬ ▬▬▬ ▬▬▬▬ ▬▬ ▬▬▬▬
▬▬▬ ▬▬ ▬▬▬▬ ▬ ▬▬▬ ▬▬▬▬▬ ▬▬ ▬▬▬ ▬▬▬▬ ▬▬
▬▬▬▬ ▬ ▬▬▬ ▬▬▬▬▬ ▬▬ ▬▬▬ ▬▬▬▬ ▬▬ ▬▬▬▬▬▬
▬ ▬▬ ▬▬▬▬ ▬ ▬▬▬ ▬▬▬▬▬ ▬▬ ▬▬▬ ▬▬▬▬ ▬▬ ▬
▬▬ ▬ ▬▬▬ ▬▬▬▬▬ ▬▬ ▬▬▬ ▬▬▬▬ ▬▬ ▬▬▬▬▬▬ ▬
▬▬ ▬▬▬▬ ▬ ▬▬▬ ▬▬▬▬▬ ▬▬ ▬▬▬ ▬▬▬▬ ▬▬ ▬▬▬
▬ ▬▬▬ ▬▬▬▬▬ ▬▬ ▬▬▬ ▬▬▬▬ ▬▬ ▬▬▬▬▬▬ ▬ ▬
▬▬▬▬ ▬ ▬▬▬ ▬▬▬▬▬ ▬▬ ▬▬▬ ▬▬▬▬ ▬▬ ▬▬▬▬▬
▬▬ ▬▬ ▬▬▬▬ ▬ ▬▬▬ ▬▬▬▬▬ ▬▬ ▬▬▬ ▬▬▬▬ ▬▬
▬▬▬ ▬ ▬▬▬ ▬▬▬▬▬ ▬▬ ▬▬▬ ▬▬▬▬ ▬▬ ▬▬▬▬▬▬
▬▬ ▬▬▬▬ ▬ ▬▬▬ ▬▬▬▬▬ ▬▬ ▬▬▬ ▬▬▬▬ ▬▬ ▬▬

Die Preußische Handelsbank

▬▬▬ ▬▬ ▬▬▬▬ ▬ ▬▬▬ ▬▬▬▬▬ ▬▬ ▬▬▬ ▬▬▬▬ ▬▬
▬▬▬▬ ▬ ▬▬▬ ▬▬▬▬▬ ▬▬ ▬▬▬ ▬▬▬▬ ▬▬ ▬▬▬▬▬▬
▬ ▬▬ ▬▬▬▬ ▬ ▬▬▬ ▬▬▬▬▬ ▬▬ ▬▬▬ ▬▬▬▬ ▬▬ ▬
▬▬ ▬ ▬▬▬ ▬▬▬▬▬ ▬▬ ▬▬▬ ▬▬▬▬ ▬▬ ▬▬▬▬▬▬ ▬
▬▬ ▬▬▬▬ ▬ ▬▬▬ ▬▬▬▬▬ ▬▬ ▬▬▬ ▬▬▬▬ ▬▬ ▬▬▬
▬ ▬▬▬ ▬▬▬▬▬ ▬▬ ▬▬▬ ▬▬▬▬ ▬▬ ▬▬▬▬▬▬ ▬ ▬
▬▬▬▬ ▬ ▬▬▬ ▬▬▬▬▬ ▬▬ ▬▬▬ ▬▬▬▬ ▬▬ ▬▬▬▬▬
▬▬ ▬▬ ▬▬▬▬ ▬ ▬▬▬ ▬▬▬▬▬ ▬▬ ▬▬▬ ▬▬▬▬ ▬▬
▬▬▬ ▬ ▬▬▬ ▬▬▬▬▬ ▬▬ ▬▬▬ ▬▬▬▬ ▬▬ ▬▬▬▬▬▬
▬▬ ▬▬▬▬ ▬ ▬▬▬ ▬▬▬▬▬ ▬▬ ▬▬▬ ▬▬▬▬ ▬▬ ▬▬
▬ ▬ ▬▬▬ ▬▬▬▬▬ ▬▬ ▬▬▬ ▬▬▬▬ ▬▬ ▬▬▬▬▬▬ ▬
▬ ▬▬▬▬ ▬ ▬▬▬ ▬▬▬▬▬ ▬▬ ▬▬▬ ▬▬▬▬ ▬▬ ▬▬▬▬
▬▬▬ ▬▬ ▬▬▬▬ ▬ ▬▬▬ ▬▬▬▬▬ ▬▬ ▬▬▬ ▬▬▬▬ ▬▬
▬▬▬▬ ▬ ▬▬▬ ▬▬▬▬▬ ▬▬ ▬▬▬ ▬▬▬▬ ▬▬ ▬▬▬▬▬▬
▬ ▬▬ ▬▬▬▬ ▬ ▬▬▬ ▬▬▬▬▬ ▬▬ ▬▬▬ ▬▬▬▬ ▬▬ ▬
▬▬ ▬ ▬▬▬ ▬▬▬▬▬ ▬▬ ▬▬▬ ▬▬▬▬ ▬▬ ▬▬▬▬▬▬ ▬
▬▬ ▬▬▬▬ ▬ ▬▬▬ ▬▬▬▬▬ ▬▬ ▬▬▬ ▬▬▬▬ ▬▬ ▬▬▬
▬ ▬▬▬ ▬▬▬▬▬ ▬▬ ▬▬▬ ▬▬▬▬ ▬▬ ▬▬▬▬▬▬ ▬ ▬
Al
in
fi
Ma
de
Zi
E
be
ra
Je
Ei
vo
zu
br
Tu
Ha
Di
181
ge
La
Ew
Pf
in
lu
Di
